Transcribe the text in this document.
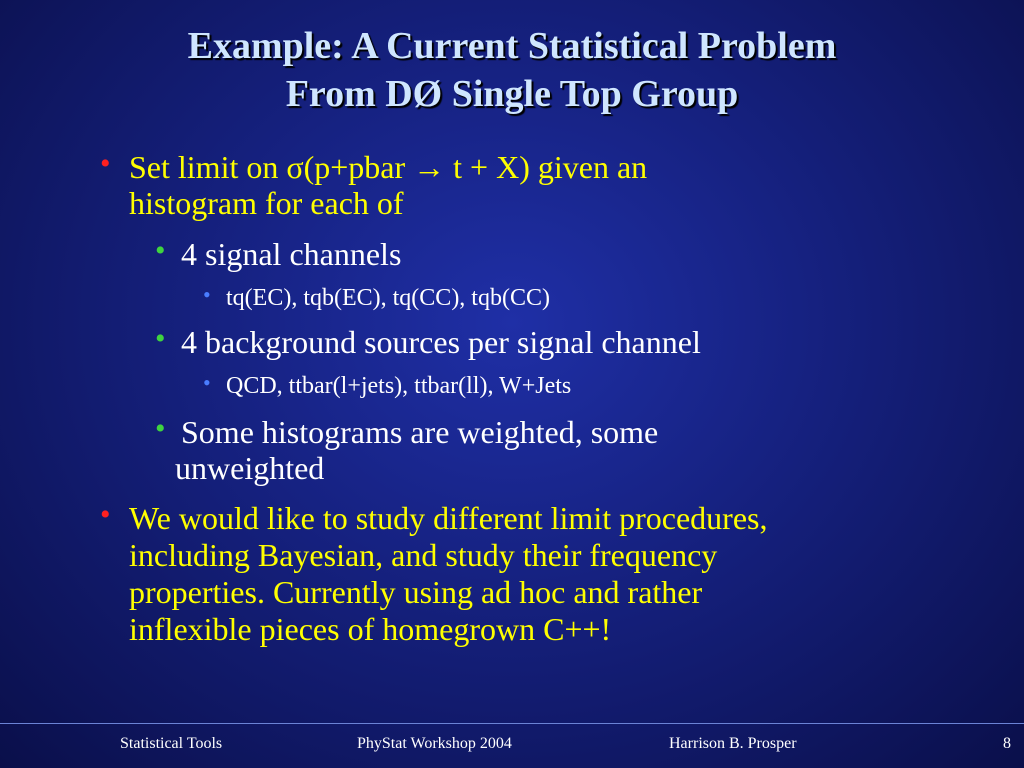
Example: A Current Statistical Problem
From DØ Single Top Group
• Set limit on σ(p+pbar → t + X) given an
histogram for each of
• 4 signal channels
• tq(EC), tqb(EC), tq(CC), tqb(CC)
• 4 background sources per signal channel
• QCD, ttbar(l+jets), ttbar(ll), W+Jets
• Some histograms are weighted, some
unweighted
• We would like to study different limit procedures,
including Bayesian, and study their frequency
properties. Currently using ad hoc and rather
inflexible pieces of homegrown C++!
Statistical Tools	PhyStat Workshop 2004	Harrison B. Prosper	8
